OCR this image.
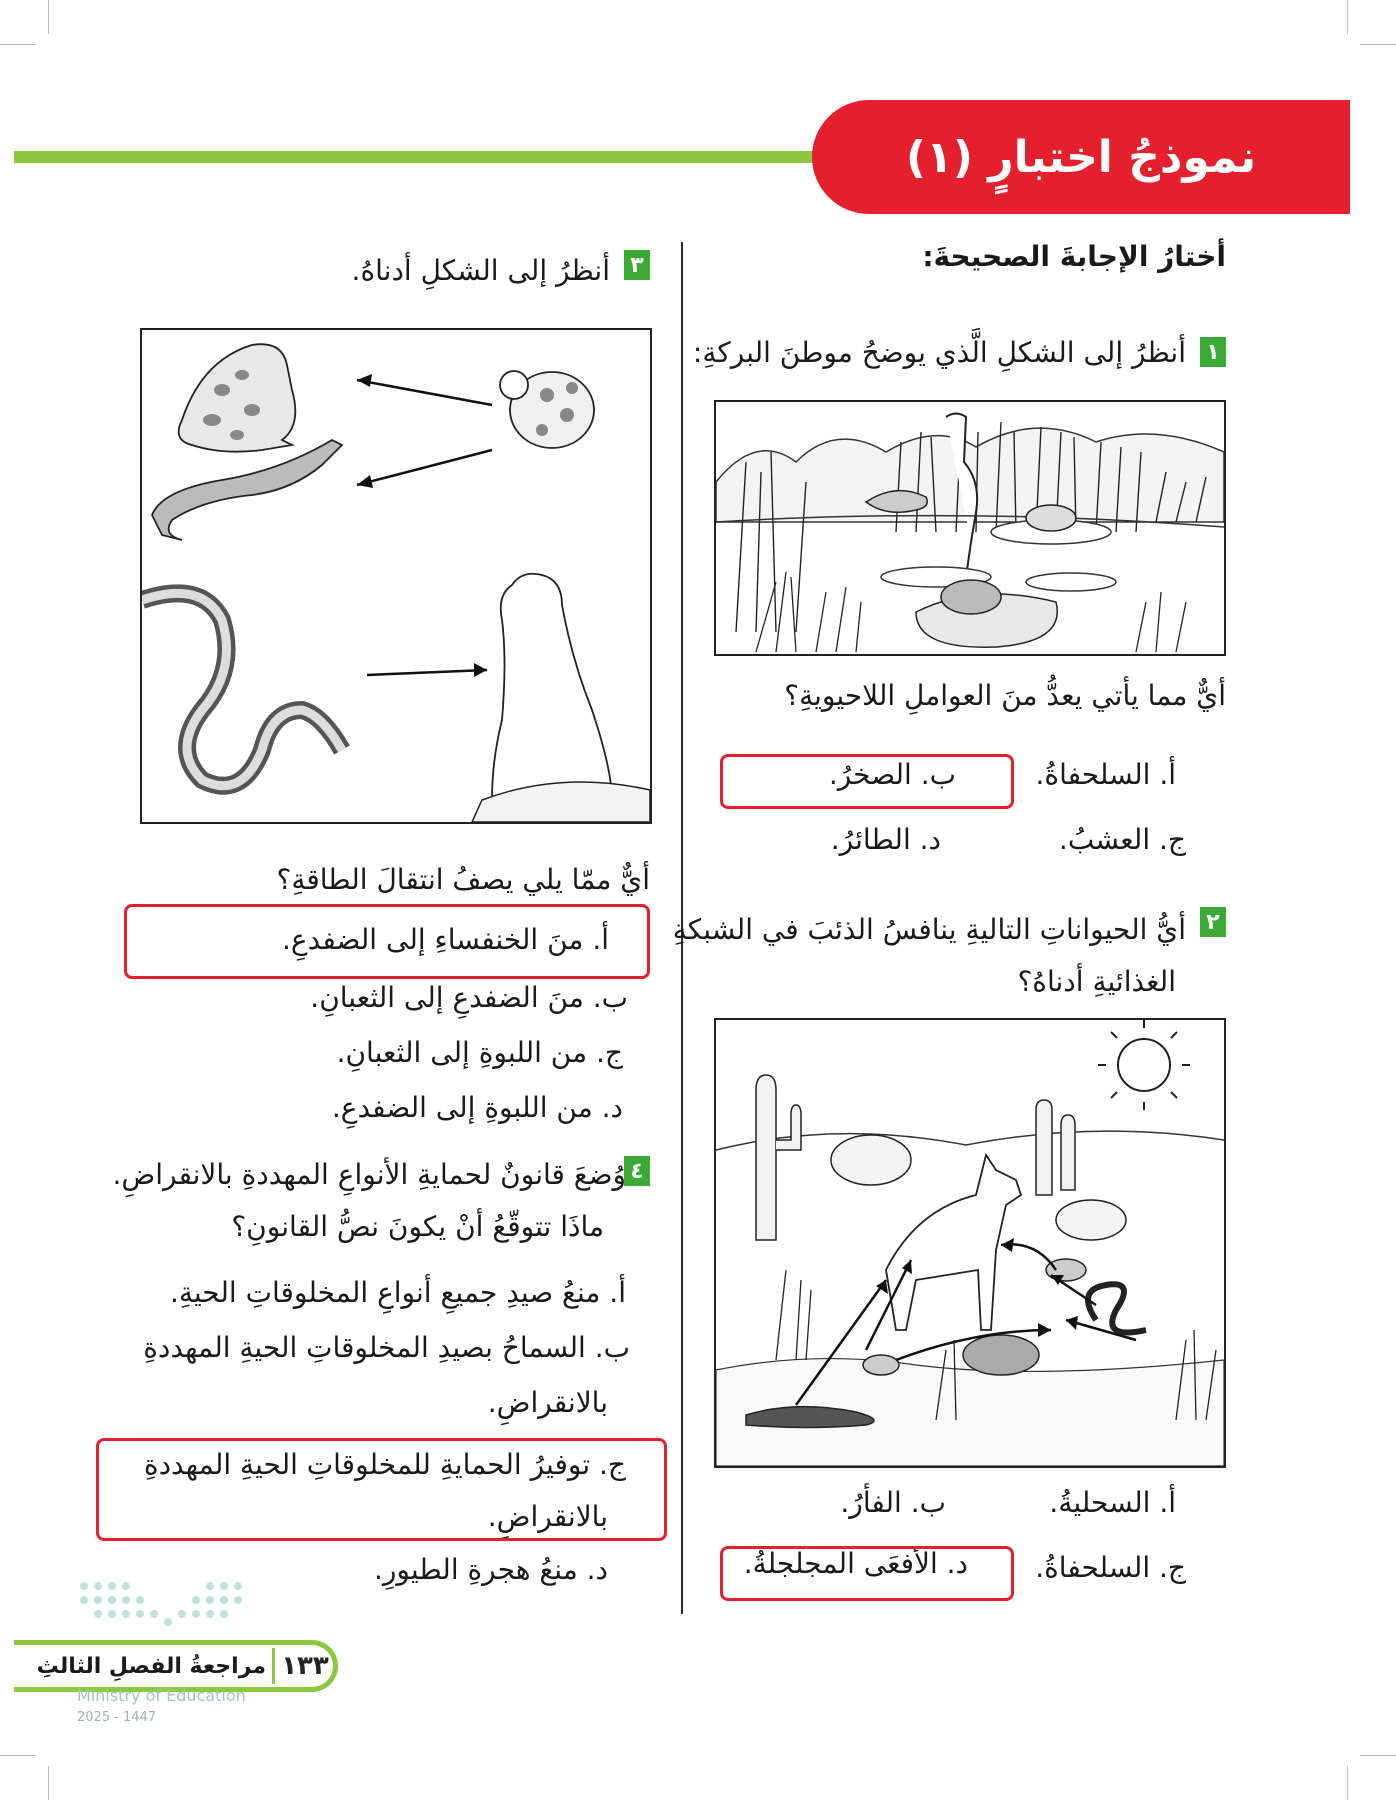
نموذجُ اختبارٍ (١)
أختارُ الإجابةَ الصحيحةَ:
١
أنظرُ إلى الشكلِ الَّذي يوضحُ موطنَ البركةِ:
أيٌّ مما يأتي يعدُّ منَ العواملِ اللاحيويةِ؟
أ. السلحفاةُ.
ب. الصخرُ.
ج. العشبُ.
د. الطائرُ.
٢
أيُّ الحيواناتِ التاليةِ ينافسُ الذئبَ في الشبكةِ
الغذائيةِ أدناهُ؟
أ. السحليةُ.
ب. الفأرُ.
ج. السلحفاةُ.
د. الأفعَى المجلجلةُ.
٣
أنظرُ إلى الشكلِ أدناهُ.
أيٌّ ممّا يلي يصفُ انتقالَ الطاقةِ؟
أ. منَ الخنفساءِ إلى الضفدعِ.
ب. منَ الضفدعِ إلى الثعبانِ.
ج. من اللبوةِ إلى الثعبانِ.
د. من اللبوةِ إلى الضفدعِ.
٤
وُضعَ قانونٌ لحمايةِ الأنواعِ المهددةِ بالانقراضِ.
ماذَا تتوقّعُ أنْ يكونَ نصُّ القانونِ؟
أ. منعُ صيدِ جميعِ أنواعِ المخلوقاتِ الحيةِ.
ب. السماحُ بصيدِ المخلوقاتِ الحيةِ المهددةِ
بالانقراضِ.
ج. توفيرُ الحمايةِ للمخلوقاتِ الحيةِ المهددةِ
بالانقراضِ.
د. منعُ هجرةِ الطيورِ.
١٣٣
مراجعةُ الفصلِ الثالثِ
Ministry of Education
2025 - 1447
